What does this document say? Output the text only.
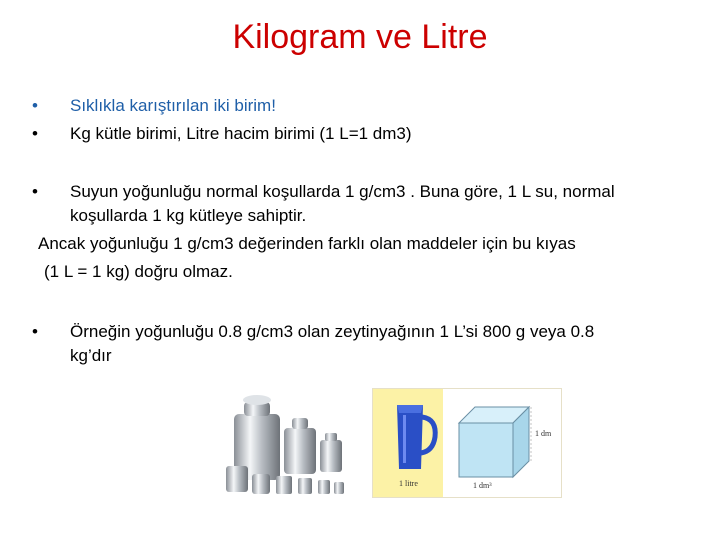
Kilogram ve Litre
• Sıklıkla karıştırılan iki birim!
• Kg kütle birimi, Litre hacim birimi (1 L=1 dm3)
• Suyun yoğunluğu normal koşullarda 1 g/cm3 . Buna göre, 1 L su, normal
koşullarda 1 kg kütleye sahiptir.
Ancak yoğunluğu 1 g/cm3 değerinden farklı olan maddeler için bu kıyas
(1 L = 1 kg) doğru olmaz.
• Örneğin yoğunluğu 0.8 g/cm3 olan zeytinyağının 1 L’si 800 g veya 0.8
kg’dır
1 litre	1 dm³
1 dm
